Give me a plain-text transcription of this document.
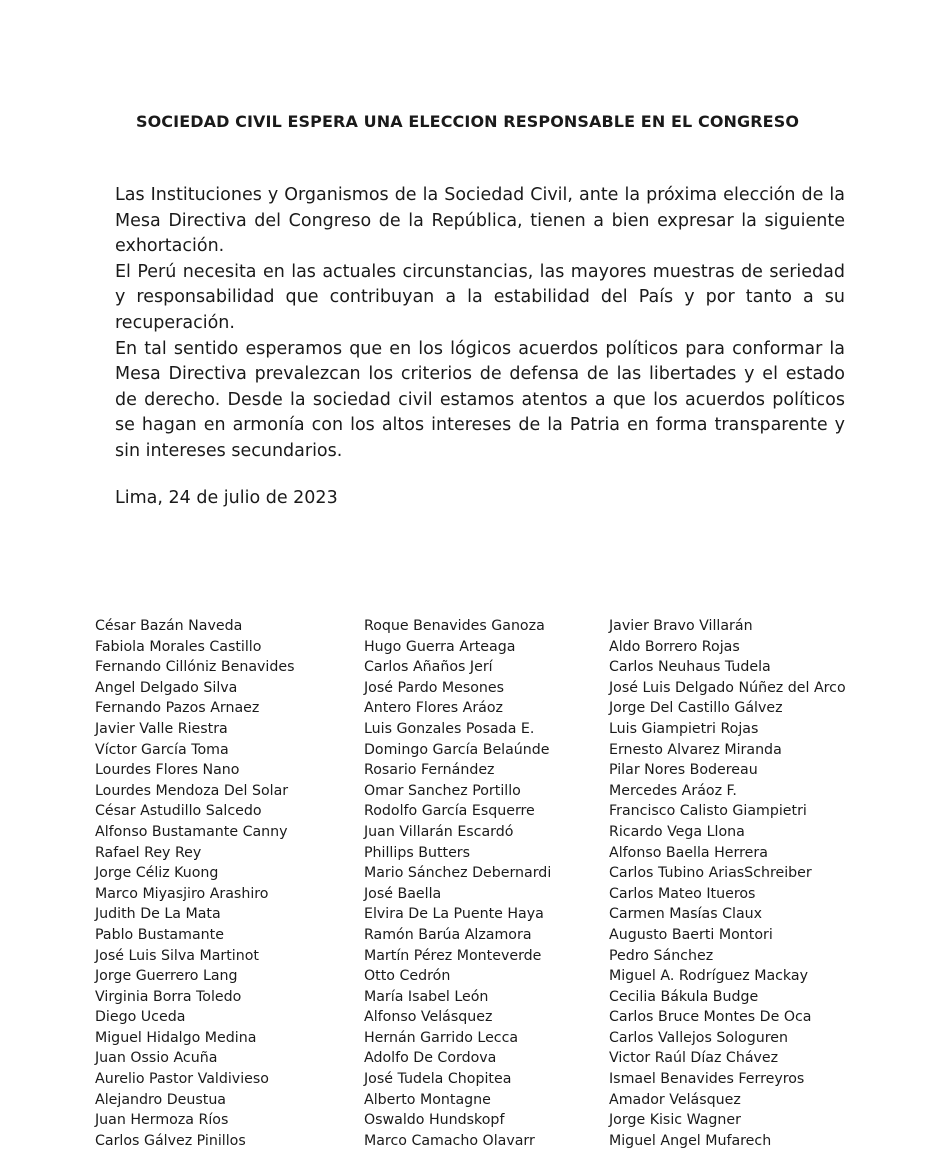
SOCIEDAD CIVIL ESPERA UNA ELECCION RESPONSABLE EN EL CONGRESO

Las Instituciones y Organismos de la Sociedad Civil, ante la próxima elección de la Mesa Directiva del Congreso de la República, tienen a bien expresar la siguiente exhortación.

El Perú necesita en las actuales circunstancias, las mayores muestras de seriedad y responsabilidad que contribuyan a la estabilidad del País y por tanto a su recuperación.

En tal sentido esperamos que en los lógicos acuerdos políticos para conformar la Mesa Directiva prevalezcan los criterios de defensa de las libertades y el estado de derecho. Desde la sociedad civil estamos atentos a que los acuerdos políticos se hagan en armonía con los altos intereses de la Patria en forma transparente y sin intereses secundarios.

Lima, 24 de julio de 2023
César Bazán Naveda
Fabiola Morales Castillo
Fernando Cillóniz Benavides
Angel Delgado Silva
Fernando Pazos Arnaez
Javier Valle Riestra
Víctor García Toma
Lourdes Flores Nano
Lourdes Mendoza Del Solar
César Astudillo Salcedo
Alfonso Bustamante Canny
Rafael Rey Rey
Jorge Céliz Kuong
Marco Miyasjiro Arashiro
Judith De La Mata
Pablo Bustamante
José Luis Silva Martinot
Jorge Guerrero Lang
Virginia Borra Toledo
Diego Uceda
Miguel Hidalgo Medina
Juan Ossio Acuña
Aurelio Pastor Valdivieso
Alejandro Deustua
Juan Hermoza Ríos
Carlos Gálvez Pinillos
Roque Benavides Ganoza
Hugo Guerra Arteaga
Carlos Añaños Jerí
José Pardo Mesones
Antero Flores Aráoz
Luis Gonzales Posada E.
Domingo García Belaúnde
Rosario Fernández
Omar Sanchez Portillo
Rodolfo García Esquerre
Juan Villarán Escardó
Phillips Butters
Mario Sánchez Debernardi
José Baella
Elvira De La Puente Haya
Ramón Barúa Alzamora
Martín Pérez Monteverde
Otto Cedrón
María Isabel León
Alfonso Velásquez
Hernán Garrido Lecca
Adolfo De Cordova
José Tudela Chopitea
Alberto Montagne
Oswaldo Hundskopf
Marco Camacho Olavarr
Javier Bravo Villarán
Aldo Borrero Rojas
Carlos Neuhaus Tudela
José Luis Delgado Núñez del Arco
Jorge Del Castillo Gálvez
Luis Giampietri Rojas
Ernesto Alvarez Miranda
Pilar Nores Bodereau
Mercedes Aráoz F.
Francisco Calisto Giampietri
Ricardo Vega Llona
Alfonso Baella Herrera
Carlos Tubino AriasSchreiber
Carlos Mateo Itueros
Carmen Masías Claux
Augusto Baerti Montori
Pedro Sánchez
Miguel A. Rodríguez Mackay
Cecilia Bákula Budge
Carlos Bruce Montes De Oca
Carlos Vallejos Sologuren
Victor Raúl Díaz Chávez
Ismael Benavides Ferreyros
Amador Velásquez
Jorge Kisic Wagner
Miguel Angel Mufarech
